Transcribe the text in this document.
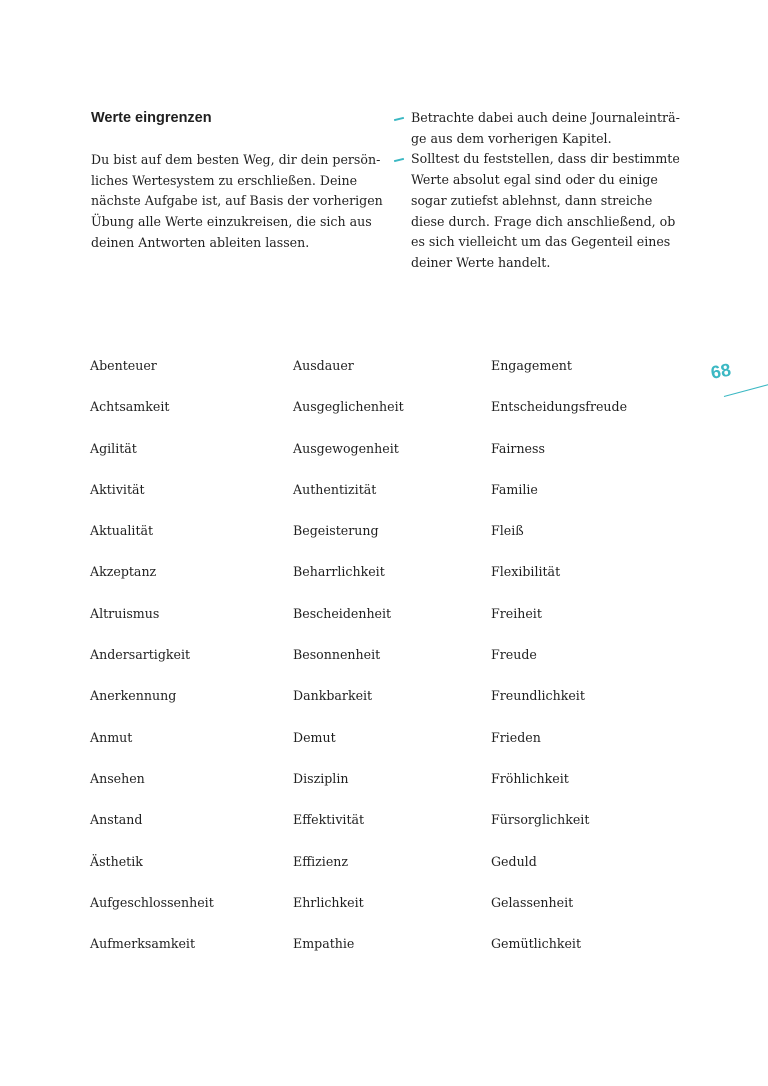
Werte eingrenzen

Du bist auf dem besten Weg, dir dein persön-
liches Wertesystem zu erschließen. Deine
nächste Aufgabe ist, auf Basis der vorherigen
Übung alle Werte einzukreisen, die sich aus
deinen Antworten ableiten lassen.

Betrachte dabei auch deine Journaleinträ-
ge aus dem vorherigen Kapitel.
Solltest du feststellen, dass dir bestimmte
Werte absolut egal sind oder du einige
sogar zutiefst ablehnst, dann streiche
diese durch. Frage dich anschließend, ob
es sich vielleicht um das Gegenteil eines
deiner Werte handelt.
Abenteuer
Achtsamkeit
Agilität
Aktivität
Aktualität
Akzeptanz
Altruismus
Andersartigkeit
Anerkennung
Anmut
Ansehen
Anstand
Ästhetik
Aufgeschlossenheit
Aufmerksamkeit
Ausdauer
Ausgeglichenheit
Ausgewogenheit
Authentizität
Begeisterung
Beharrlichkeit
Bescheidenheit
Besonnenheit
Dankbarkeit
Demut
Disziplin
Effektivität
Effizienz
Ehrlichkeit
Empathie
Engagement
Entscheidungsfreude
Fairness
Familie
Fleiß
Flexibilität
Freiheit
Freude
Freundlichkeit
Frieden
Fröhlichkeit
Fürsorglichkeit
Geduld
Gelassenheit
Gemütlichkeit
68
